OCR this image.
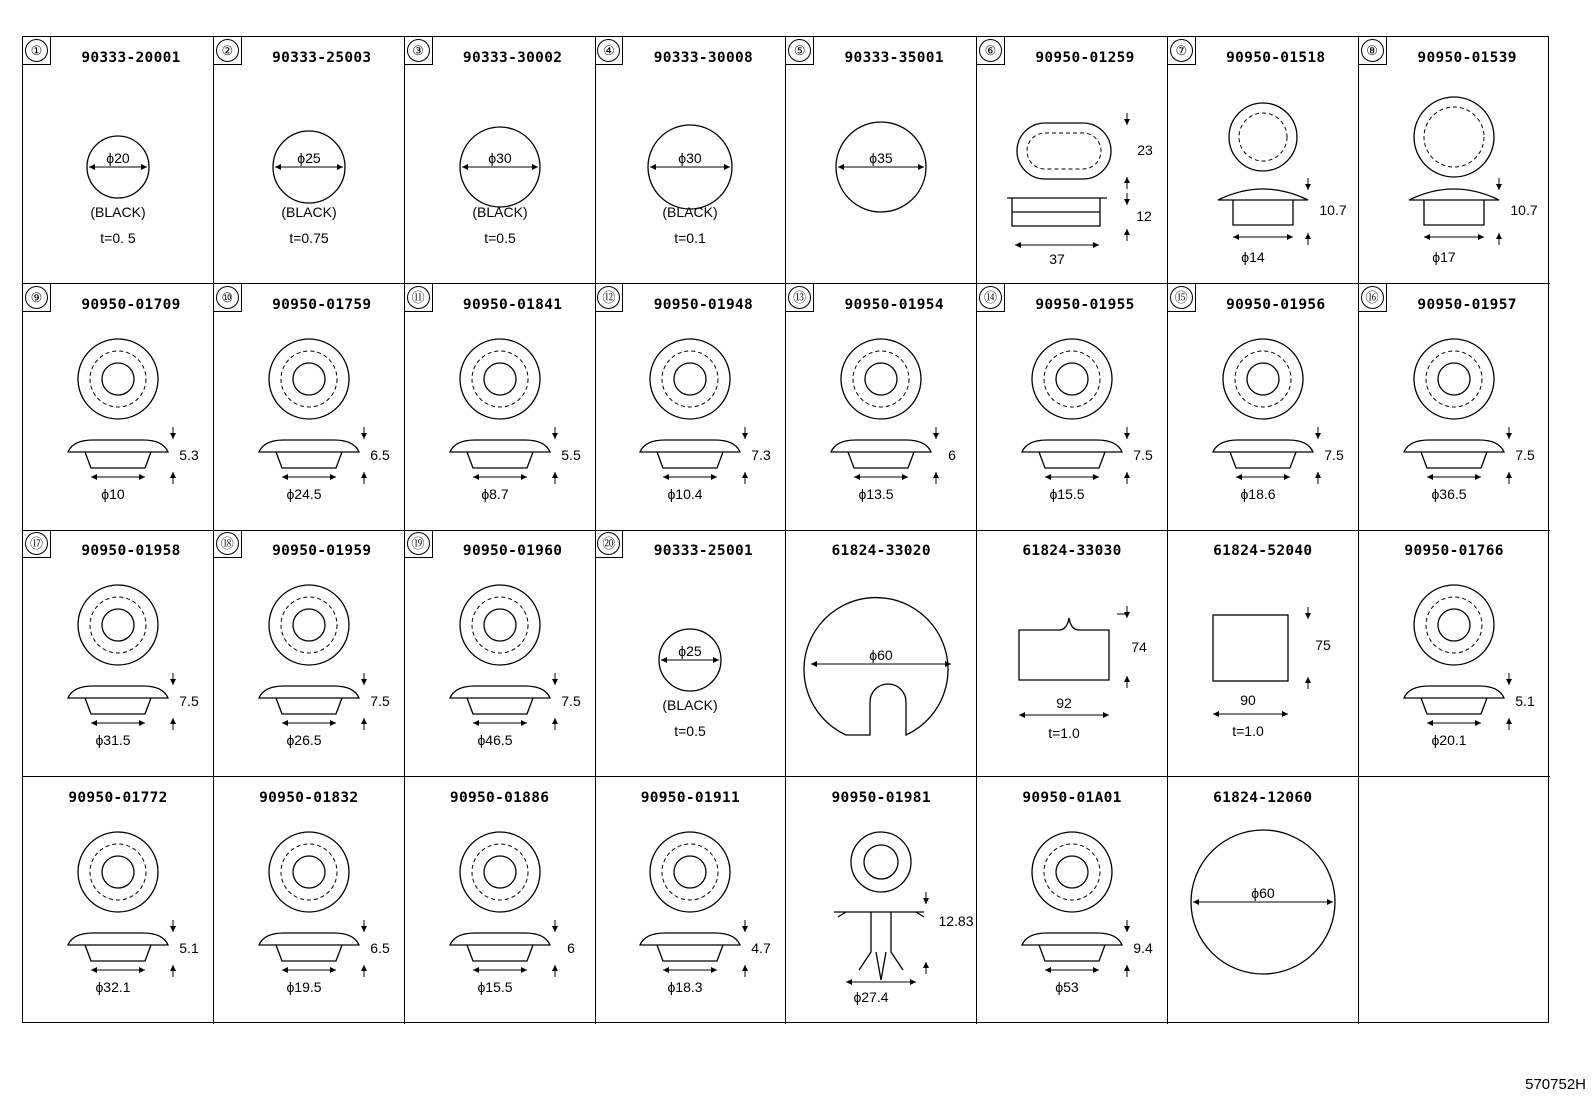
①	90333-20001
ϕ20
(BLACK)
t=0. 5
②	90333-25003
ϕ25
(BLACK)
t=0.75
③	90333-30002
ϕ30
(BLACK)
t=0.5
④	90333-30008
ϕ30
(BLACK)
t=0.1
⑤	90333-35001
ϕ35
⑥	90950-01259
23
12
37
⑦	90950-01518
10.7
ϕ14
⑧	90950-01539
10.7
ϕ17
⑨	90950-01709
5.3
ϕ10
⑩	90950-01759
6.5
ϕ24.5
⑪	90950-01841
5.5
ϕ8.7
⑫	90950-01948
7.3
ϕ10.4
⑬	90950-01954
6
ϕ13.5
⑭	90950-01955
7.5
ϕ15.5
⑮	90950-01956
7.5
ϕ18.6
⑯	90950-01957
7.5
ϕ36.5
⑰	90950-01958
7.5
ϕ31.5
⑱	90950-01959
7.5
ϕ26.5
⑲	90950-01960
7.5
ϕ46.5
⑳	90333-25001
ϕ25
(BLACK)
t=0.5
61824-33020
ϕ60
61824-33030
74
92
t=1.0
61824-52040
75
90
t=1.0
90950-01766
5.1
ϕ20.1
90950-01772
5.1
ϕ32.1
90950-01832
6.5
ϕ19.5
90950-01886
6
ϕ15.5
90950-01911
4.7
ϕ18.3
90950-01981
12.83
ϕ27.4
90950-01A01
9.4
ϕ53
61824-12060
ϕ60
570752H
